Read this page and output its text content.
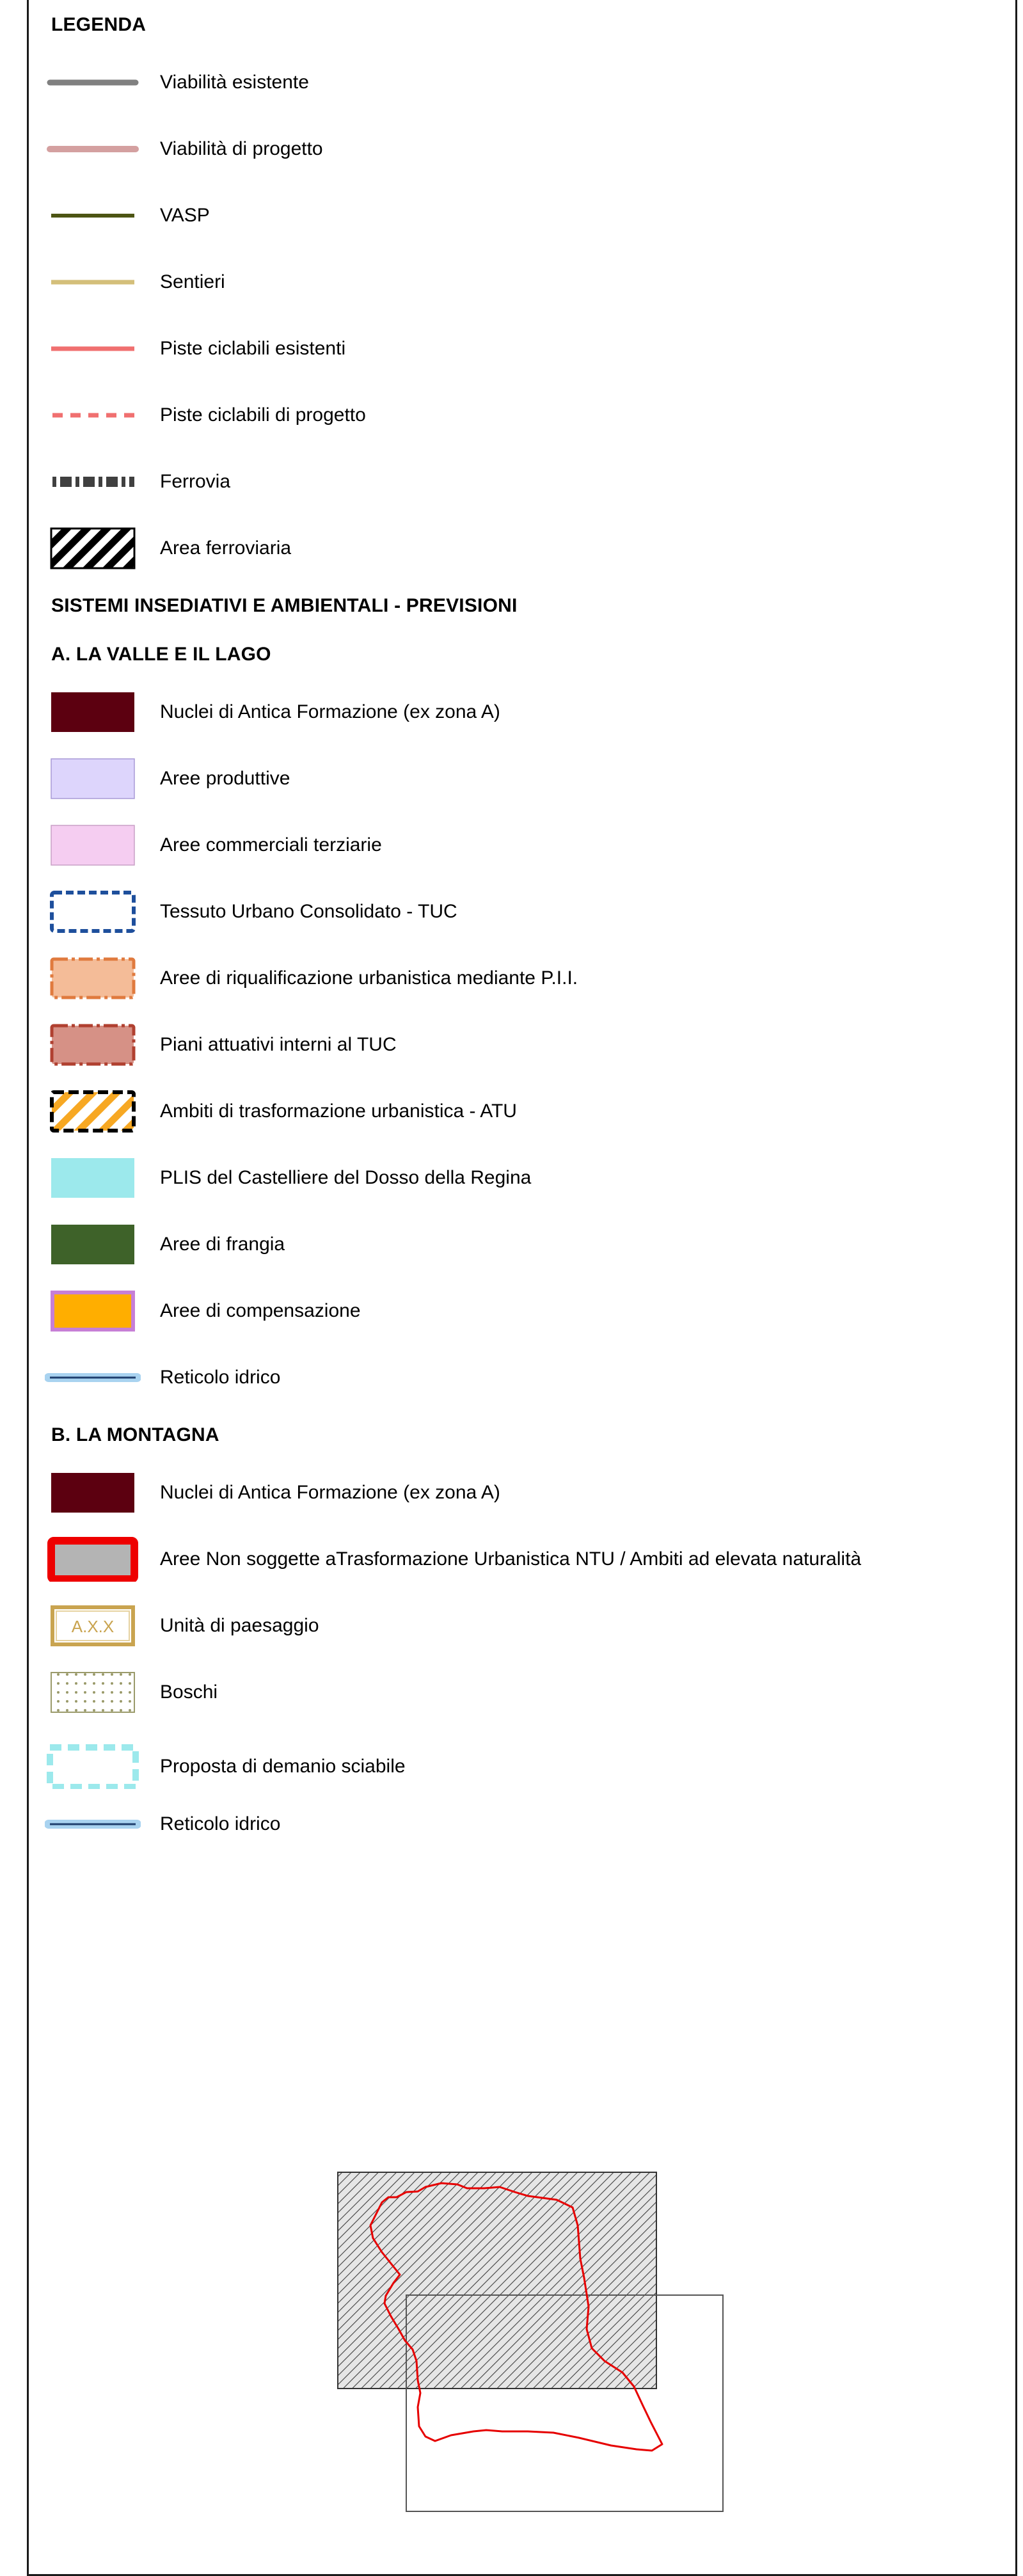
LEGENDA
Viabilità esistente
Viabilità di progetto
VASP
Sentieri
Piste ciclabili esistenti
Piste ciclabili di progetto
Ferrovia
Area ferroviaria
SISTEMI INSEDIATIVI E AMBIENTALI - PREVISIONI
A. LA VALLE E IL LAGO
Nuclei di Antica Formazione (ex zona A)
Aree produttive
Aree commerciali terziarie
Tessuto Urbano Consolidato - TUC
Aree di riqualificazione urbanistica mediante P.I.I.
Piani attuativi interni al TUC
Ambiti di trasformazione urbanistica - ATU
PLIS del Castelliere del Dosso della Regina
Aree di frangia
Aree di compensazione
Reticolo idrico
B. LA MONTAGNA
Nuclei di Antica Formazione (ex zona A)
Aree Non soggette aTrasformazione Urbanistica NTU / Ambiti ad elevata naturalità
A.X.X Unità di paesaggio
Boschi
Proposta di demanio sciabile
Reticolo idrico
